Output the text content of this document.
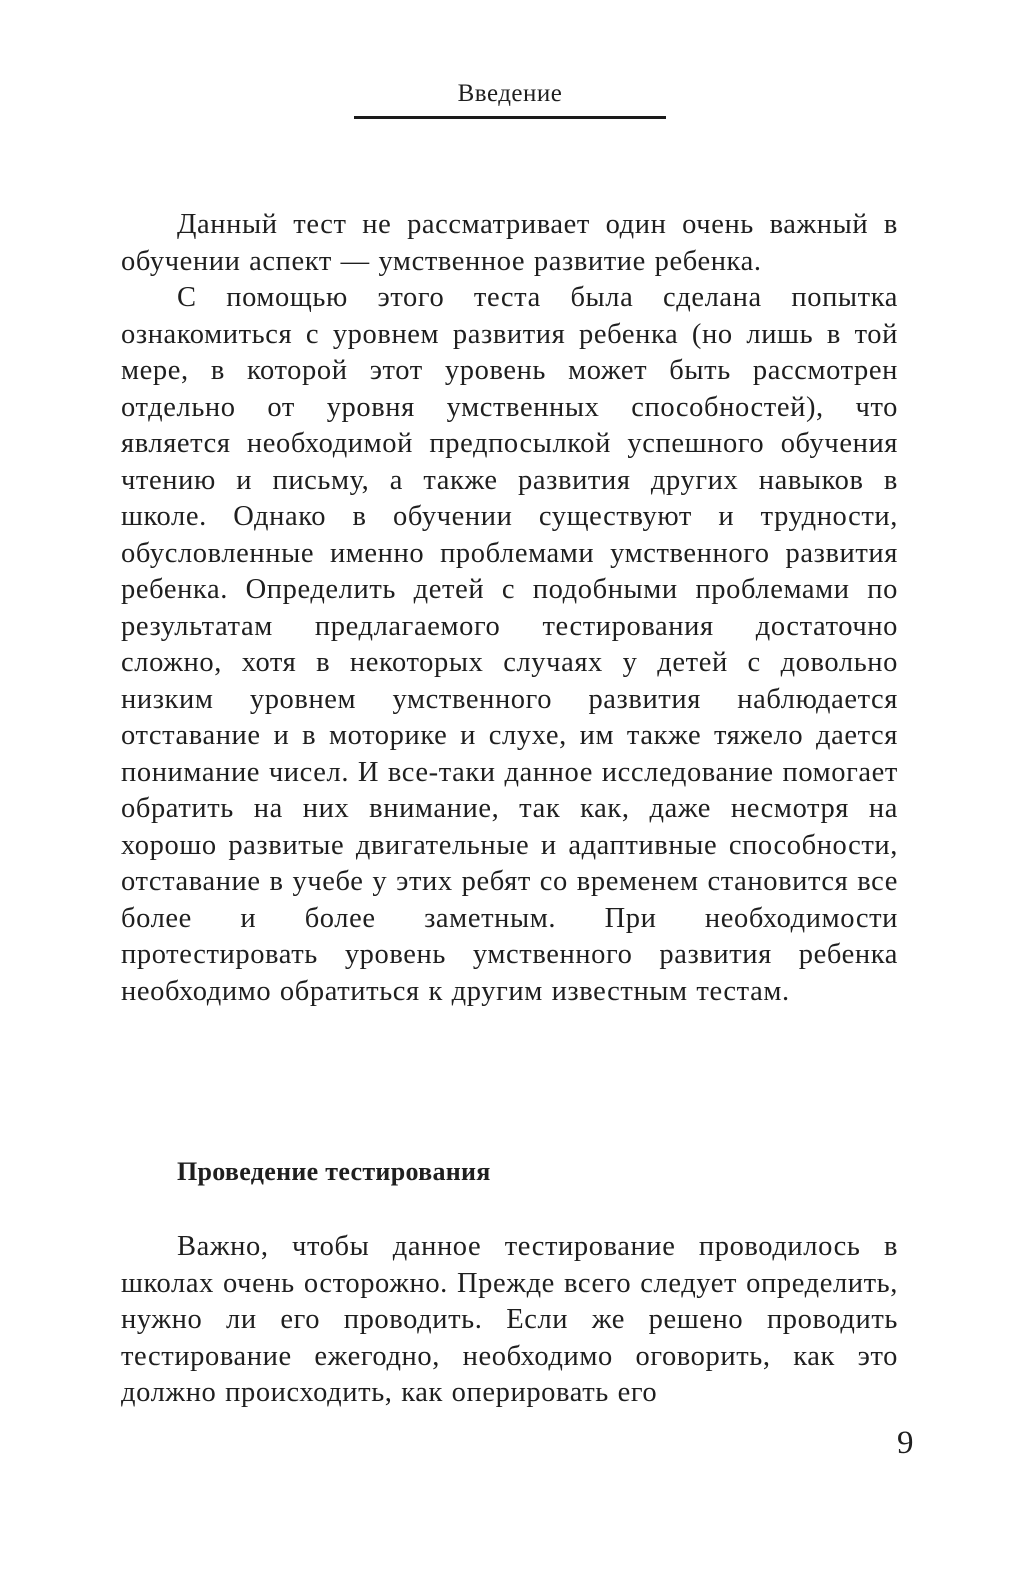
Введение

Данный тест не рассматривает один очень важный в обучении аспект — умственное развитие ребенка.

С помощью этого теста была сделана попытка ознакомиться с уровнем развития ребенка (но лишь в той мере, в которой этот уровень может быть рассмотрен отдельно от уровня умственных способностей), что является необходимой предпосылкой успешного обучения чтению и письму, а также развития других навыков в школе. Однако в обучении существуют и трудности, обусловленные именно проблемами умственного развития ребенка. Определить детей с подобными проблемами по результатам предлагаемого тестирования достаточно сложно, хотя в некоторых случаях у детей с довольно низким уровнем умственного развития наблюдается отставание и в моторике и слухе, им также тяжело дается понимание чисел. И все-таки данное исследование помогает обратить на них внимание, так как, даже несмотря на хорошо развитые двигательные и адаптивные способности, отставание в учебе у этих ребят со временем становится все более и более заметным. При необходимости протестировать уровень умственного развития ребенка необходимо обратиться к другим известным тестам.

Проведение тестирования

Важно, чтобы данное тестирование проводилось в школах очень осторожно. Прежде всего следует определить, нужно ли его проводить. Если же решено проводить тестирование ежегодно, необходимо оговорить, как это должно происходить, как оперировать его

9
